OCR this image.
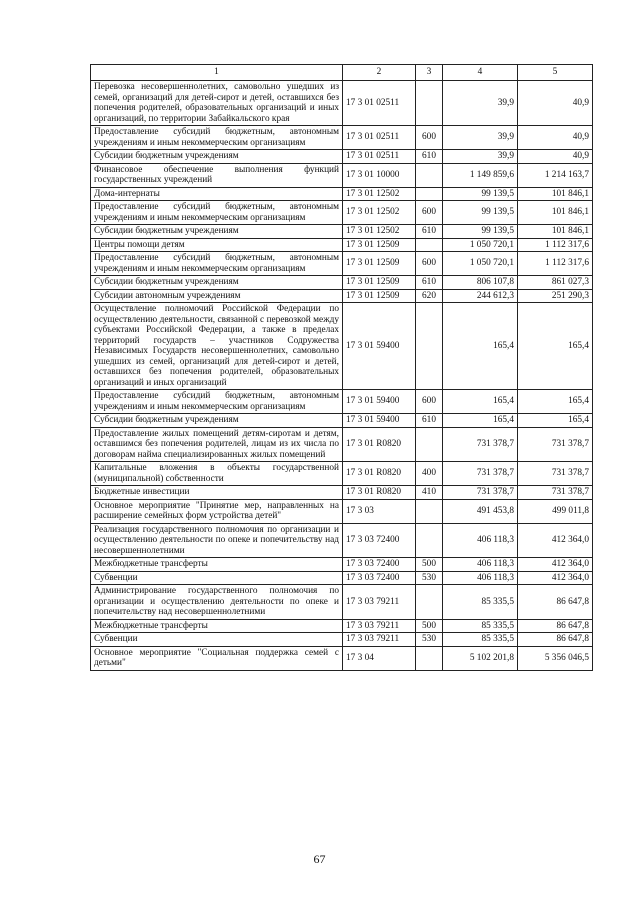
1	2	3	4	5
Перевозка несовершеннолетних, самовольно ушедших из семей, организаций для детей-сирот и детей, оставшихся без попечения родителей, образовательных организаций и иных организаций, по территории Забайкальского края	17 3 01 02511		39,9	40,9
Предоставление субсидий бюджетным, автономным учреждениям и иным некоммерческим организациям	17 3 01 02511	600	39,9	40,9
Субсидии бюджетным учреждениям	17 3 01 02511	610	39,9	40,9
Финансовое обеспечение выполнения функций государственных учреждений	17 3 01 10000		1 149 859,6	1 214 163,7
Дома-интернаты	17 3 01 12502		99 139,5	101 846,1
Предоставление субсидий бюджетным, автономным учреждениям и иным некоммерческим организациям	17 3 01 12502	600	99 139,5	101 846,1
Субсидии бюджетным учреждениям	17 3 01 12502	610	99 139,5	101 846,1
Центры помощи детям	17 3 01 12509		1 050 720,1	1 112 317,6
Предоставление субсидий бюджетным, автономным учреждениям и иным некоммерческим организациям	17 3 01 12509	600	1 050 720,1	1 112 317,6
Субсидии бюджетным учреждениям	17 3 01 12509	610	806 107,8	861 027,3
Субсидии автономным учреждениям	17 3 01 12509	620	244 612,3	251 290,3
Осуществление полномочий Российской Федерации по осуществлению деятельности, связанной с перевозкой между субъектами Российской Федерации, а также в пределах территорий государств – участников Содружества Независимых Государств несовершеннолетних, самовольно ушедших из семей, организаций для детей-сирот и детей, оставшихся без попечения родителей, образовательных организаций и иных организаций	17 3 01 59400		165,4	165,4
Предоставление субсидий бюджетным, автономным учреждениям и иным некоммерческим организациям	17 3 01 59400	600	165,4	165,4
Субсидии бюджетным учреждениям	17 3 01 59400	610	165,4	165,4
Предоставление жилых помещений детям-сиротам и детям, оставшимся без попечения родителей, лицам из их числа по договорам найма специализированных жилых помещений	17 3 01 R0820		731 378,7	731 378,7
Капитальные вложения в объекты государственной (муниципальной) собственности	17 3 01 R0820	400	731 378,7	731 378,7
Бюджетные инвестиции	17 3 01 R0820	410	731 378,7	731 378,7
Основное мероприятие "Принятие мер, направленных на расширение семейных форм устройства детей"	17 3 03		491 453,8	499 011,8
Реализация государственного полномочия по организации и осуществлению деятельности по опеке и попечительству над несовершеннолетними	17 3 03 72400		406 118,3	412 364,0
Межбюджетные трансферты	17 3 03 72400	500	406 118,3	412 364,0
Субвенции	17 3 03 72400	530	406 118,3	412 364,0
Администрирование государственного полномочия по организации и осуществлению деятельности по опеке и попечительству над несовершеннолетними	17 3 03 79211		85 335,5	86 647,8
Межбюджетные трансферты	17 3 03 79211	500	85 335,5	86 647,8
Субвенции	17 3 03 79211	530	85 335,5	86 647,8
Основное мероприятие "Социальная поддержка семей с детьми"	17 3 04		5 102 201,8	5 356 046,5
67
